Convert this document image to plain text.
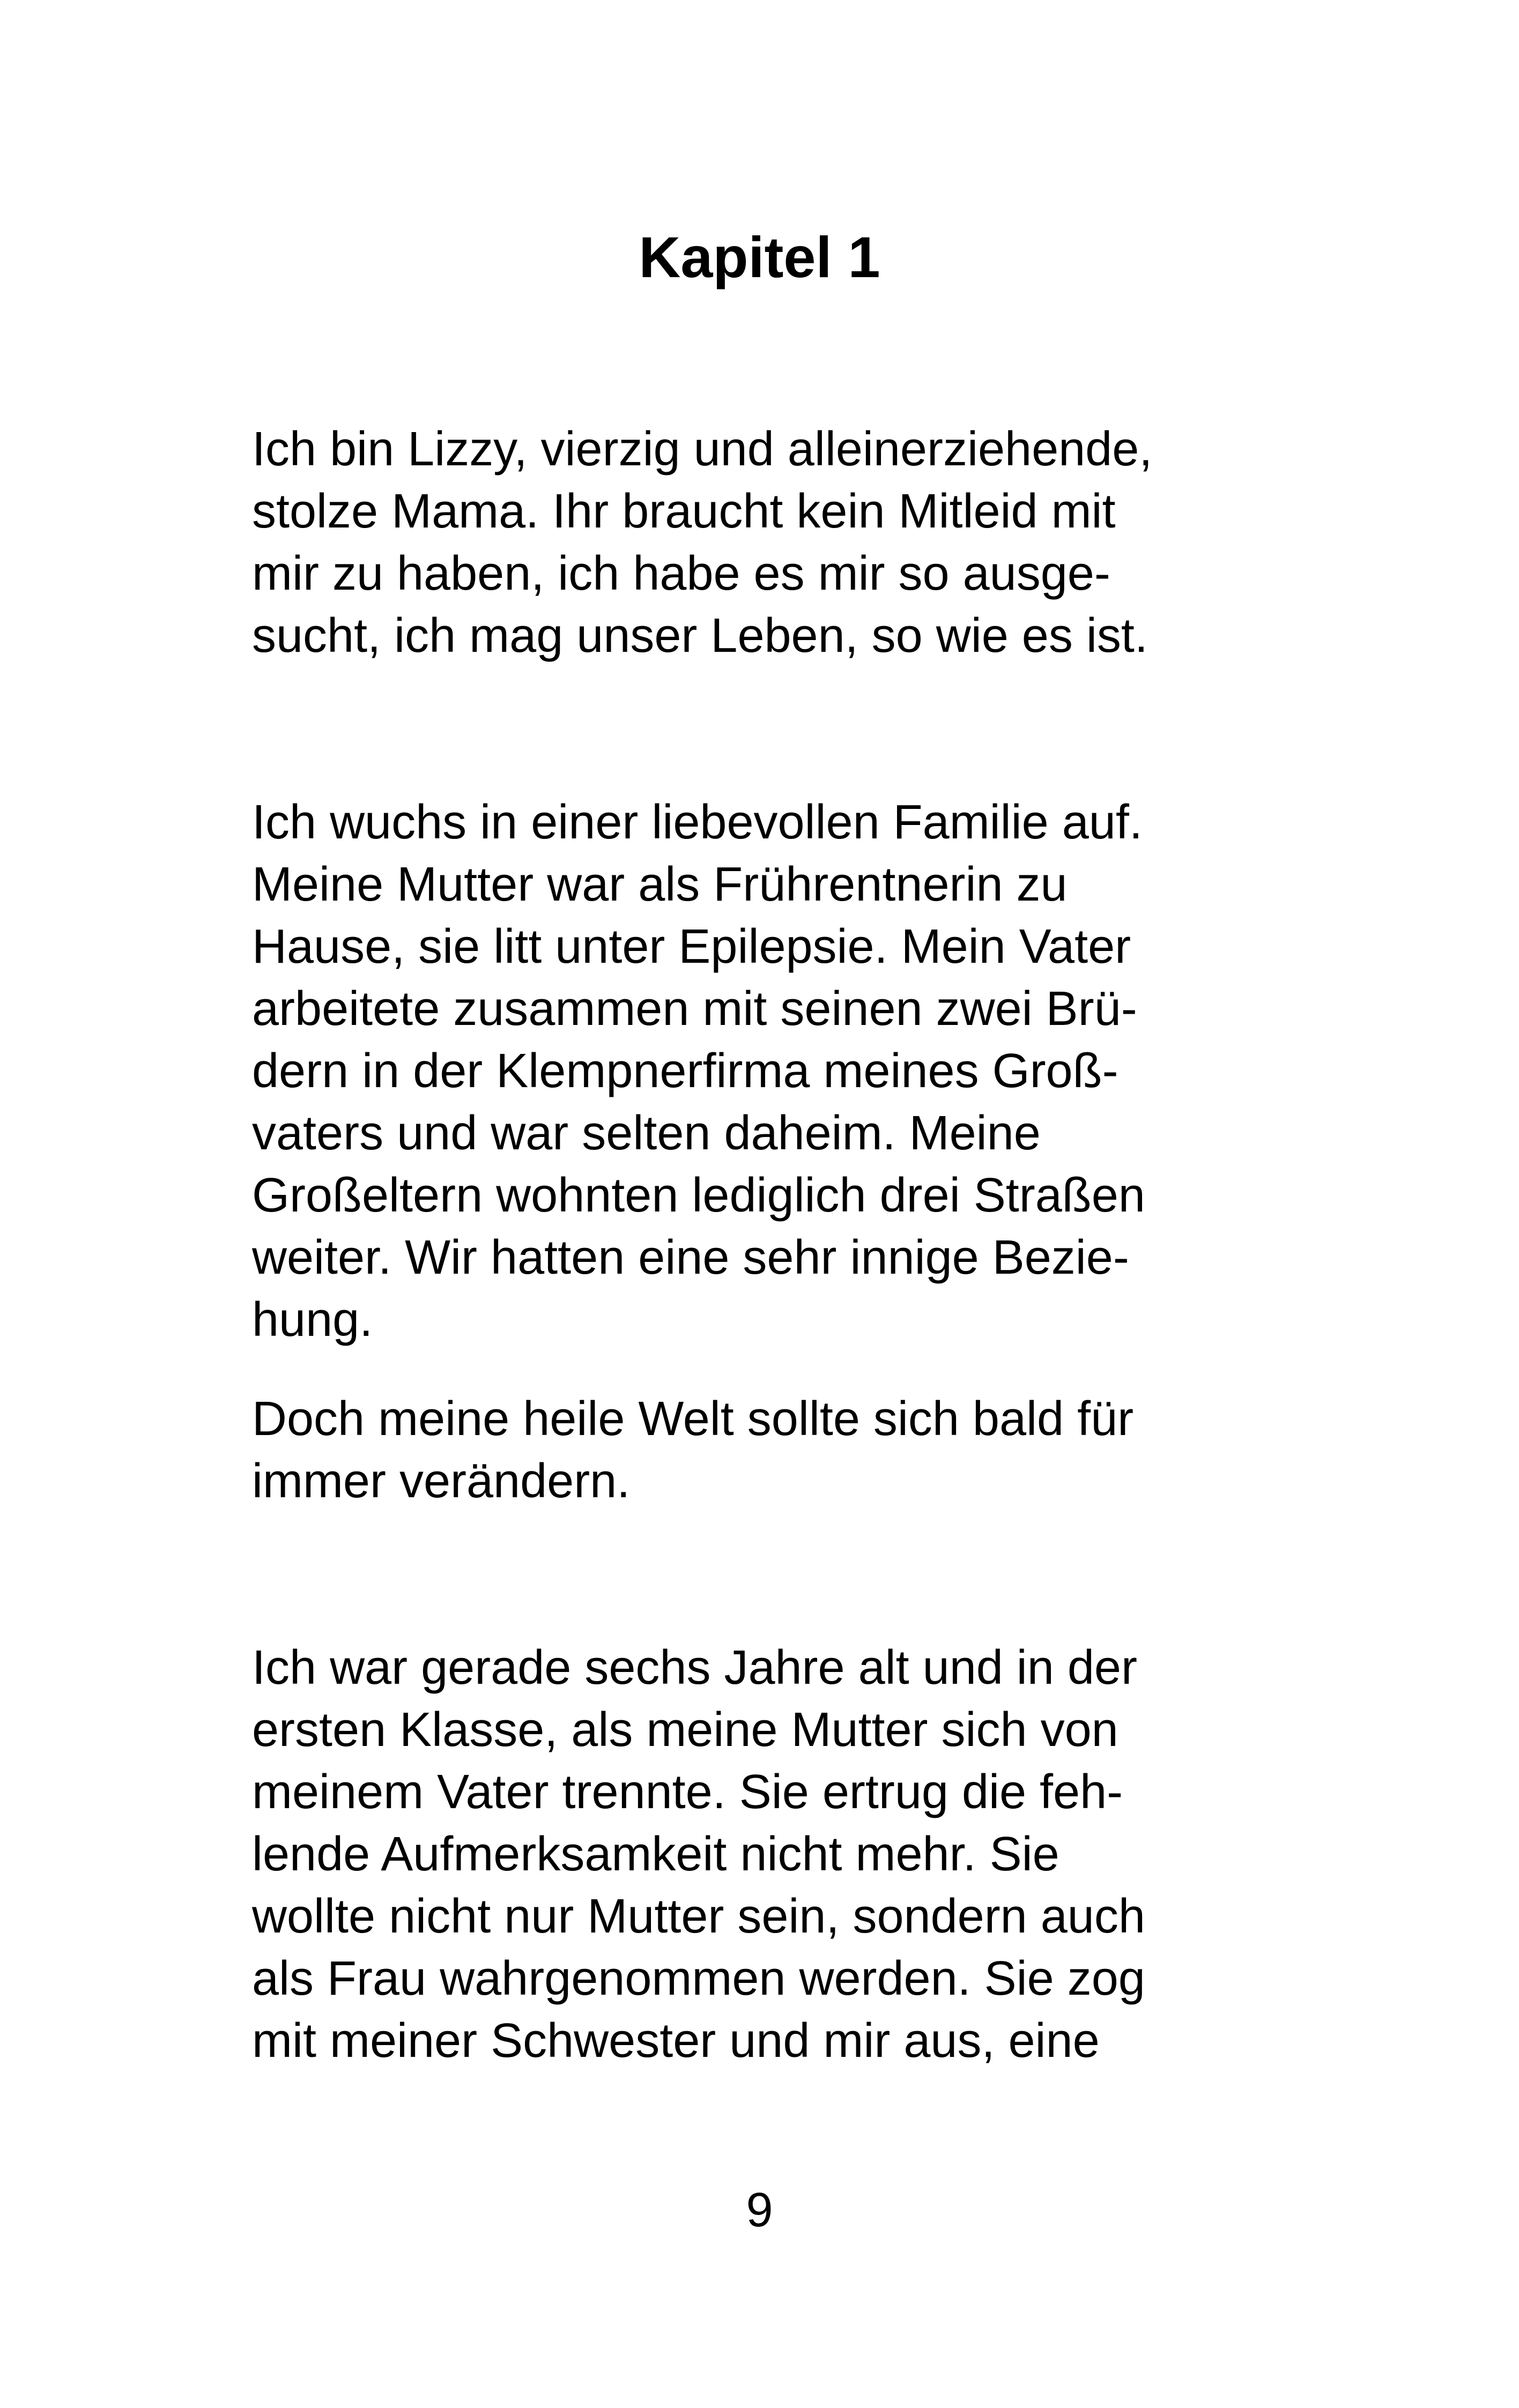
Kapitel 1

Ich bin Lizzy, vierzig und alleinerziehende,
stolze Mama. Ihr braucht kein Mitleid mit
mir zu haben, ich habe es mir so ausge-
sucht, ich mag unser Leben, so wie es ist.

Ich wuchs in einer liebevollen Familie auf.
Meine Mutter war als Frührentnerin zu
Hause, sie litt unter Epilepsie. Mein Vater
arbeitete zusammen mit seinen zwei Brü-
dern in der Klempnerfirma meines Groß-
vaters und war selten daheim. Meine
Großeltern wohnten lediglich drei Straßen
weiter. Wir hatten eine sehr innige Bezie-
hung.

Doch meine heile Welt sollte sich bald für
immer verändern.

Ich war gerade sechs Jahre alt und in der
ersten Klasse, als meine Mutter sich von
meinem Vater trennte. Sie ertrug die feh-
lende Aufmerksamkeit nicht mehr. Sie
wollte nicht nur Mutter sein, sondern auch
als Frau wahrgenommen werden. Sie zog
mit meiner Schwester und mir aus, eine

9
